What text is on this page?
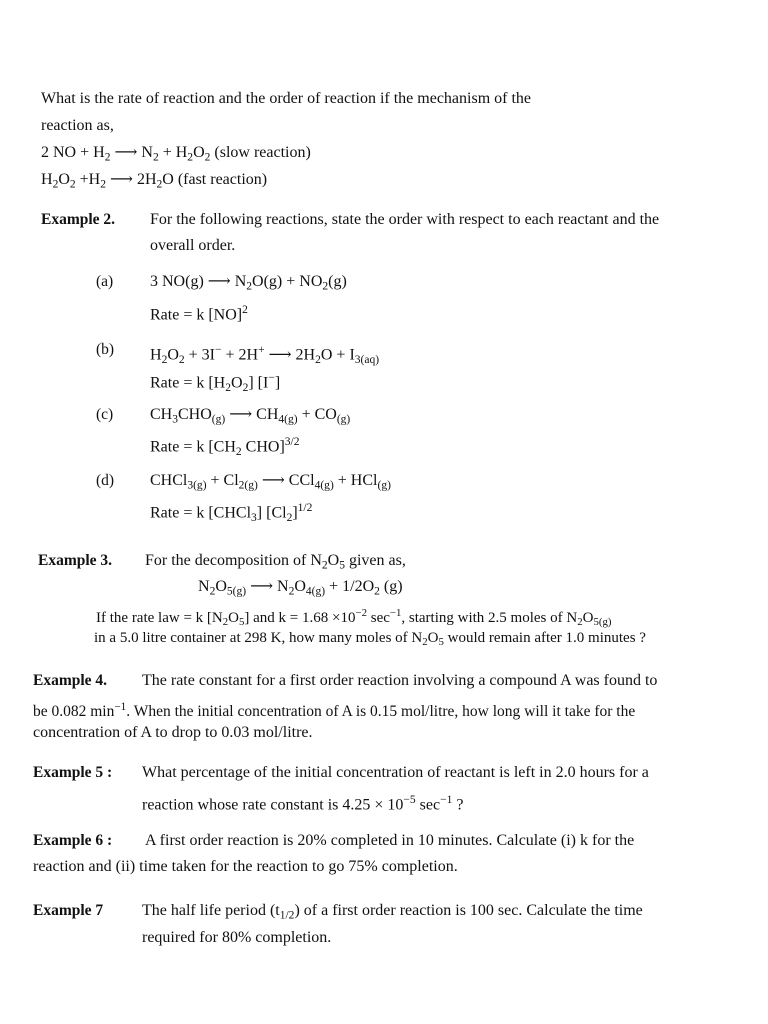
What is the rate of reaction and the order of reaction if the mechanism of the
reaction as,
2 NO + $H_2$ ⟶ $N_2 + H_2O_2$ (slow reaction)
$H_2O_2 +H_2$ ⟶ $2H_2O$ (fast reaction)
Example 2. For the following reactions, state the order with respect to each reactant and the
overall order.
(a) 3 NO(g) ⟶ $N_2O(g) + NO_2(g)$
Rate = k [NO]$^2$
(b) $H_2O_2 + 3I^- + 2H^+$ ⟶ $2H_2O + I_{3(aq)}$
Rate = k $[H_2O_2]$ [I−]
(c) $CH_3CHO_{(g)}$ ⟶ $CH_{4(g)} + CO_{(g)}$
Rate = k [$CH_2$ CHO]$^{3/2}$
(d) CHCl$_{3(g)}$ + $Cl_{2(g)}$ ⟶ CCl$_{4(g)}$ + HCl$_{(g)}$
Rate = k [CHCl$_3$] $[Cl_2]^{1/2}$
Example 3. For the decomposition of $N_2O_5$ given as,
$N_2O_{5(g)}$ ⟶ $N_2O_{4(g)} + 1/2O_2$ (g)
If the rate law = k $[N_2O_5]$ and $k = 1.68 \times 10^{-2}$ $\sec^{-1}$, starting with 2.5 moles of $N_2O_{5(g)}$
in a 5.0 litre container at 298 K, how many moles of $N_2O_5$ would remain after 1.0 minutes ?
Example 4. The rate constant for a first order reaction involving a compound A was found to
be 0.082 $\min^{-1}$. When the initial concentration of A is 0.15 mol/litre, how long will it take for the
concentration of A to drop to 0.03 mol/litre.
Example 5 : What percentage of the initial concentration of reactant is left in 2.0 hours for a
reaction whose rate constant is $4.25 \times 10^{-5}$ $\sec^{-1}$ ?
Example 6 : A first order reaction is 20% completed in 10 minutes. Calculate (i) k for the
reaction and (ii) time taken for the reaction to go 75% completion.
Example 7 The half life period $(t_{1/2})$ of a first order reaction is 100 sec. Calculate the time
required for 80% completion.
